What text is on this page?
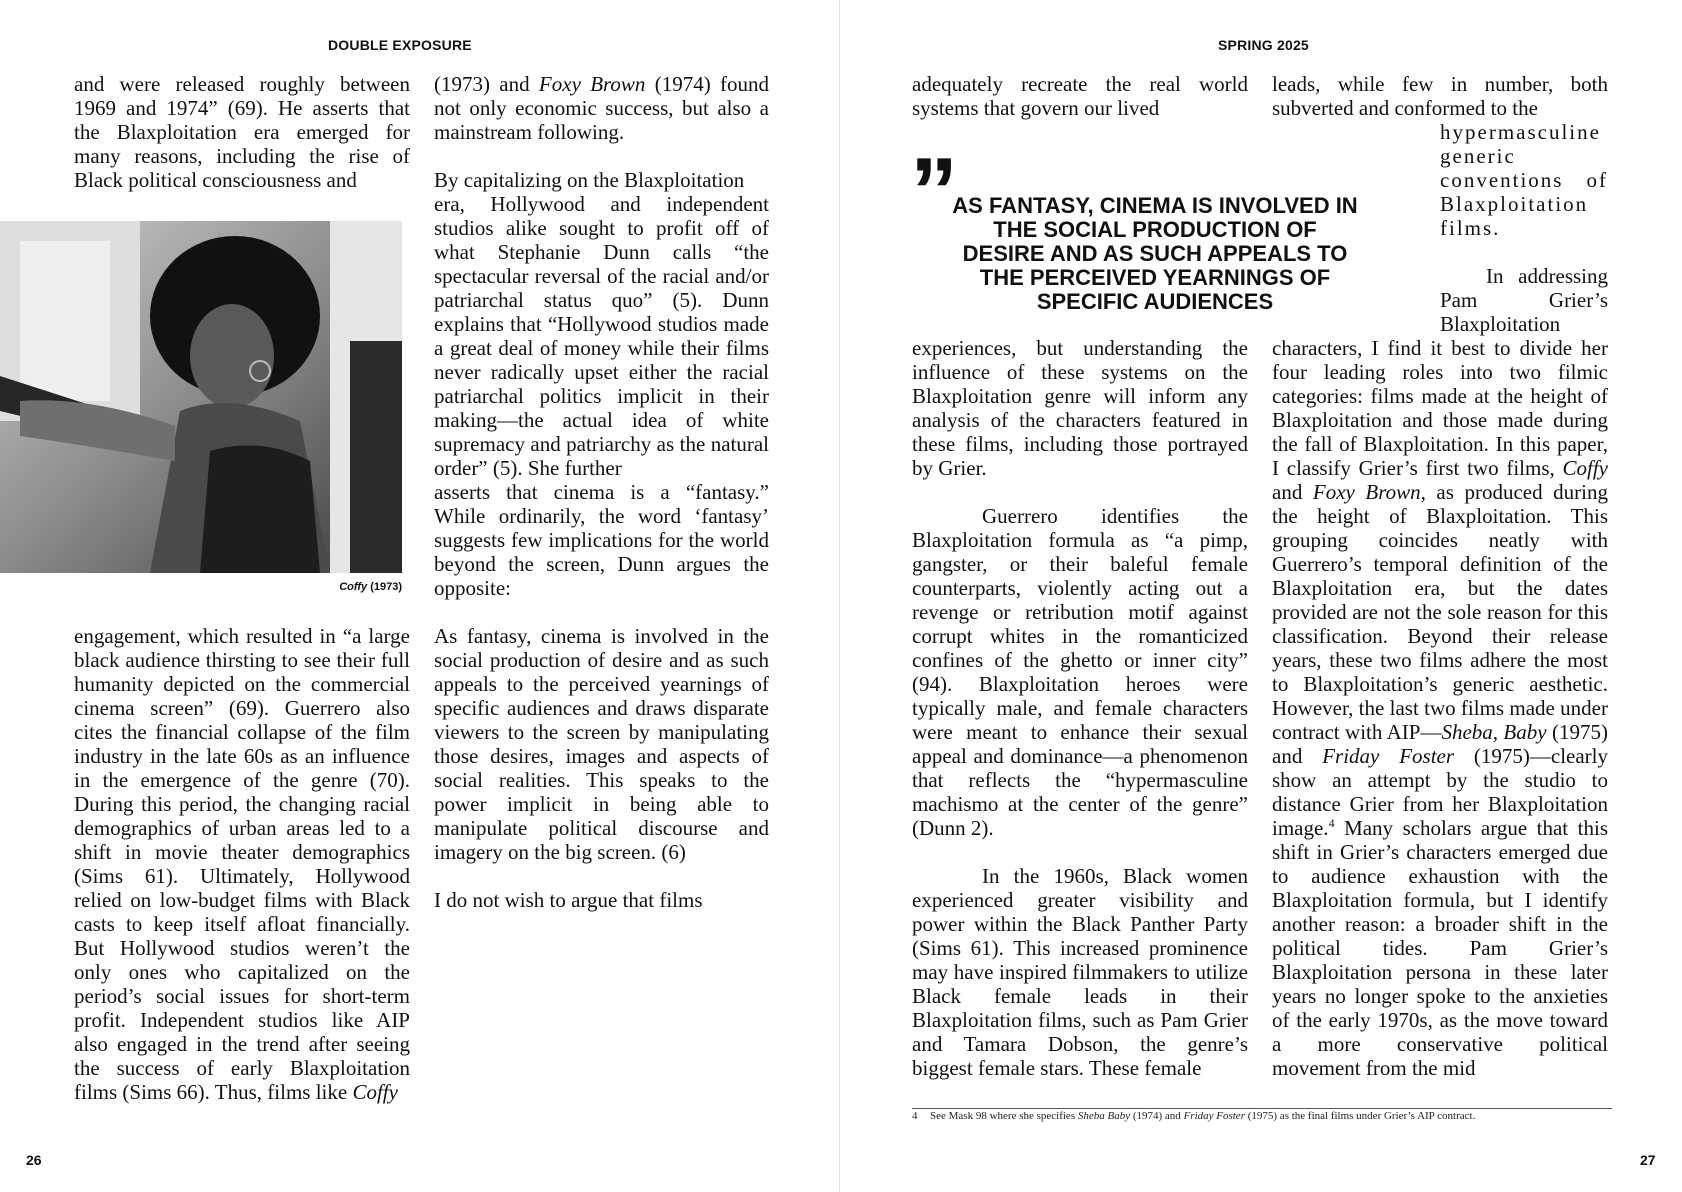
DOUBLE EXPOSURE

and were released roughly between 1969 and 1974” (69). He asserts that the Blaxploitation era emerged for many reasons, including the rise of Black political consciousness and

Coffy (1973)

engagement, which resulted in “a large black audience thirsting to see their full humanity depicted on the commercial cinema screen” (69). Guerrero also cites the financial collapse of the film industry in the late 60s as an influence in the emergence of the genre (70). During this period, the changing racial demographics of urban areas led to a shift in movie theater demographics (Sims 61). Ultimately, Hollywood relied on low-budget films with Black casts to keep itself afloat financially. But Hollywood studios weren’t the only ones who capitalized on the period’s social issues for short-term profit. Independent studios like AIP also engaged in the trend after seeing the success of early Blaxploitation films (Sims 66). Thus, films like Coffy

(1973) and Foxy Brown (1974) found not only economic success, but also a mainstream following.

By capitalizing on the Blaxploitation

era, Hollywood and independent studios alike sought to profit off of what Stephanie Dunn calls “the spectacular reversal of the racial and/or patriarchal status quo” (5). Dunn explains that “Hollywood studios made a great deal of money while their films never radically upset either the racial patriarchal politics implicit in their making—the actual idea of white supremacy and patriarchy as the natural order” (5). She further

asserts that cinema is a “fantasy.” While ordinarily, the word ‘fantasy’ suggests few implications for the world beyond the screen, Dunn argues the opposite:

As fantasy, cinema is involved in the social production of desire and as such appeals to the perceived yearnings of specific audiences and draws disparate viewers to the screen by manipulating those desires, images and aspects of social realities. This speaks to the power implicit in being able to manipulate political discourse and imagery on the big screen. (6)

I do not wish to argue that films

26
SPRING 2025

adequately recreate the real world systems that govern our lived

”
AS FANTASY, CINEMA IS INVOLVED IN THE SOCIAL PRODUCTION OF DESIRE AND AS SUCH APPEALS TO THE PERCEIVED YEARNINGS OF SPECIFIC AUDIENCES

experiences, but understanding the influence of these systems on the Blaxploitation genre will inform any analysis of the characters featured in these films, including those portrayed by Grier.

Guerrero identifies the Blaxploitation formula as “a pimp, gangster, or their baleful female counterparts, violently acting out a revenge or retribution motif against corrupt whites in the romanticized confines of the ghetto or inner city” (94). Blaxploitation heroes were typically male, and female characters were meant to enhance their sexual appeal and dominance—a phenomenon that reflects the “hypermasculine machismo at the center of the genre” (Dunn 2).

In the 1960s, Black women experienced greater visibility and power within the Black Panther Party (Sims 61). This increased prominence may have inspired filmmakers to utilize Black female leads in their Blaxploitation films, such as Pam Grier and Tamara Dobson, the genre’s biggest female stars. These female

leads, while few in number, both subverted and conformed to the

hypermasculine generic conventions of Blaxploitation films.

In addressing Pam Grier’s Blaxploitation

characters, I find it best to divide her four leading roles into two filmic categories: films made at the height of Blaxploitation and those made during the fall of Blaxploitation. In this paper, I classify Grier’s first two films, Coffy and Foxy Brown, as produced during the height of Blaxploitation. This grouping coincides neatly with Guerrero’s temporal definition of the Blaxploitation era, but the dates provided are not the sole reason for this classification. Beyond their release years, these two films adhere the most to Blaxploitation’s generic aesthetic. However, the last two films made under contract with AIP—Sheba, Baby (1975) and Friday Foster (1975)—clearly show an attempt by the studio to distance Grier from her Blaxploitation image.$^4$ Many scholars argue that this shift in Grier’s characters emerged due to audience exhaustion with the Blaxploitation formula, but I identify another reason: a broader shift in the political tides. Pam Grier’s Blaxploitation persona in these later years no longer spoke to the anxieties of the early 1970s, as the move toward a more conservative political movement from the mid

4 See Mask 98 where she specifies Sheba Baby (1974) and Friday Foster (1975) as the final films under Grier’s AIP contract.
27
